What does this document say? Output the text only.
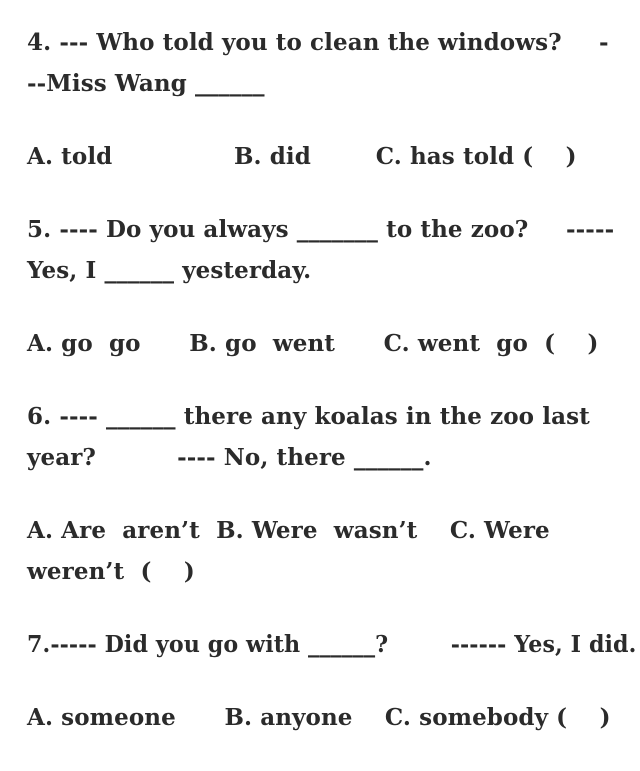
4. --- Who told you to clean the windows? -
--Miss Wang ______
A. told               B. did        C. has told (    )
5. ---- Do you always _______ to the zoo? -----
Yes, I ______ yesterday.
A. go  go      B. go  went      C. went  go  (    )
6. ---- ______ there any koalas in the zoo last
year?          ---- No, there ______.
A. Are  aren’t  B. Were  wasn’t    C. Were
weren’t  (    )
7.----- Did you go with ______?        ------ Yes, I did.
A. someone      B. anyone    C. somebody (    )
